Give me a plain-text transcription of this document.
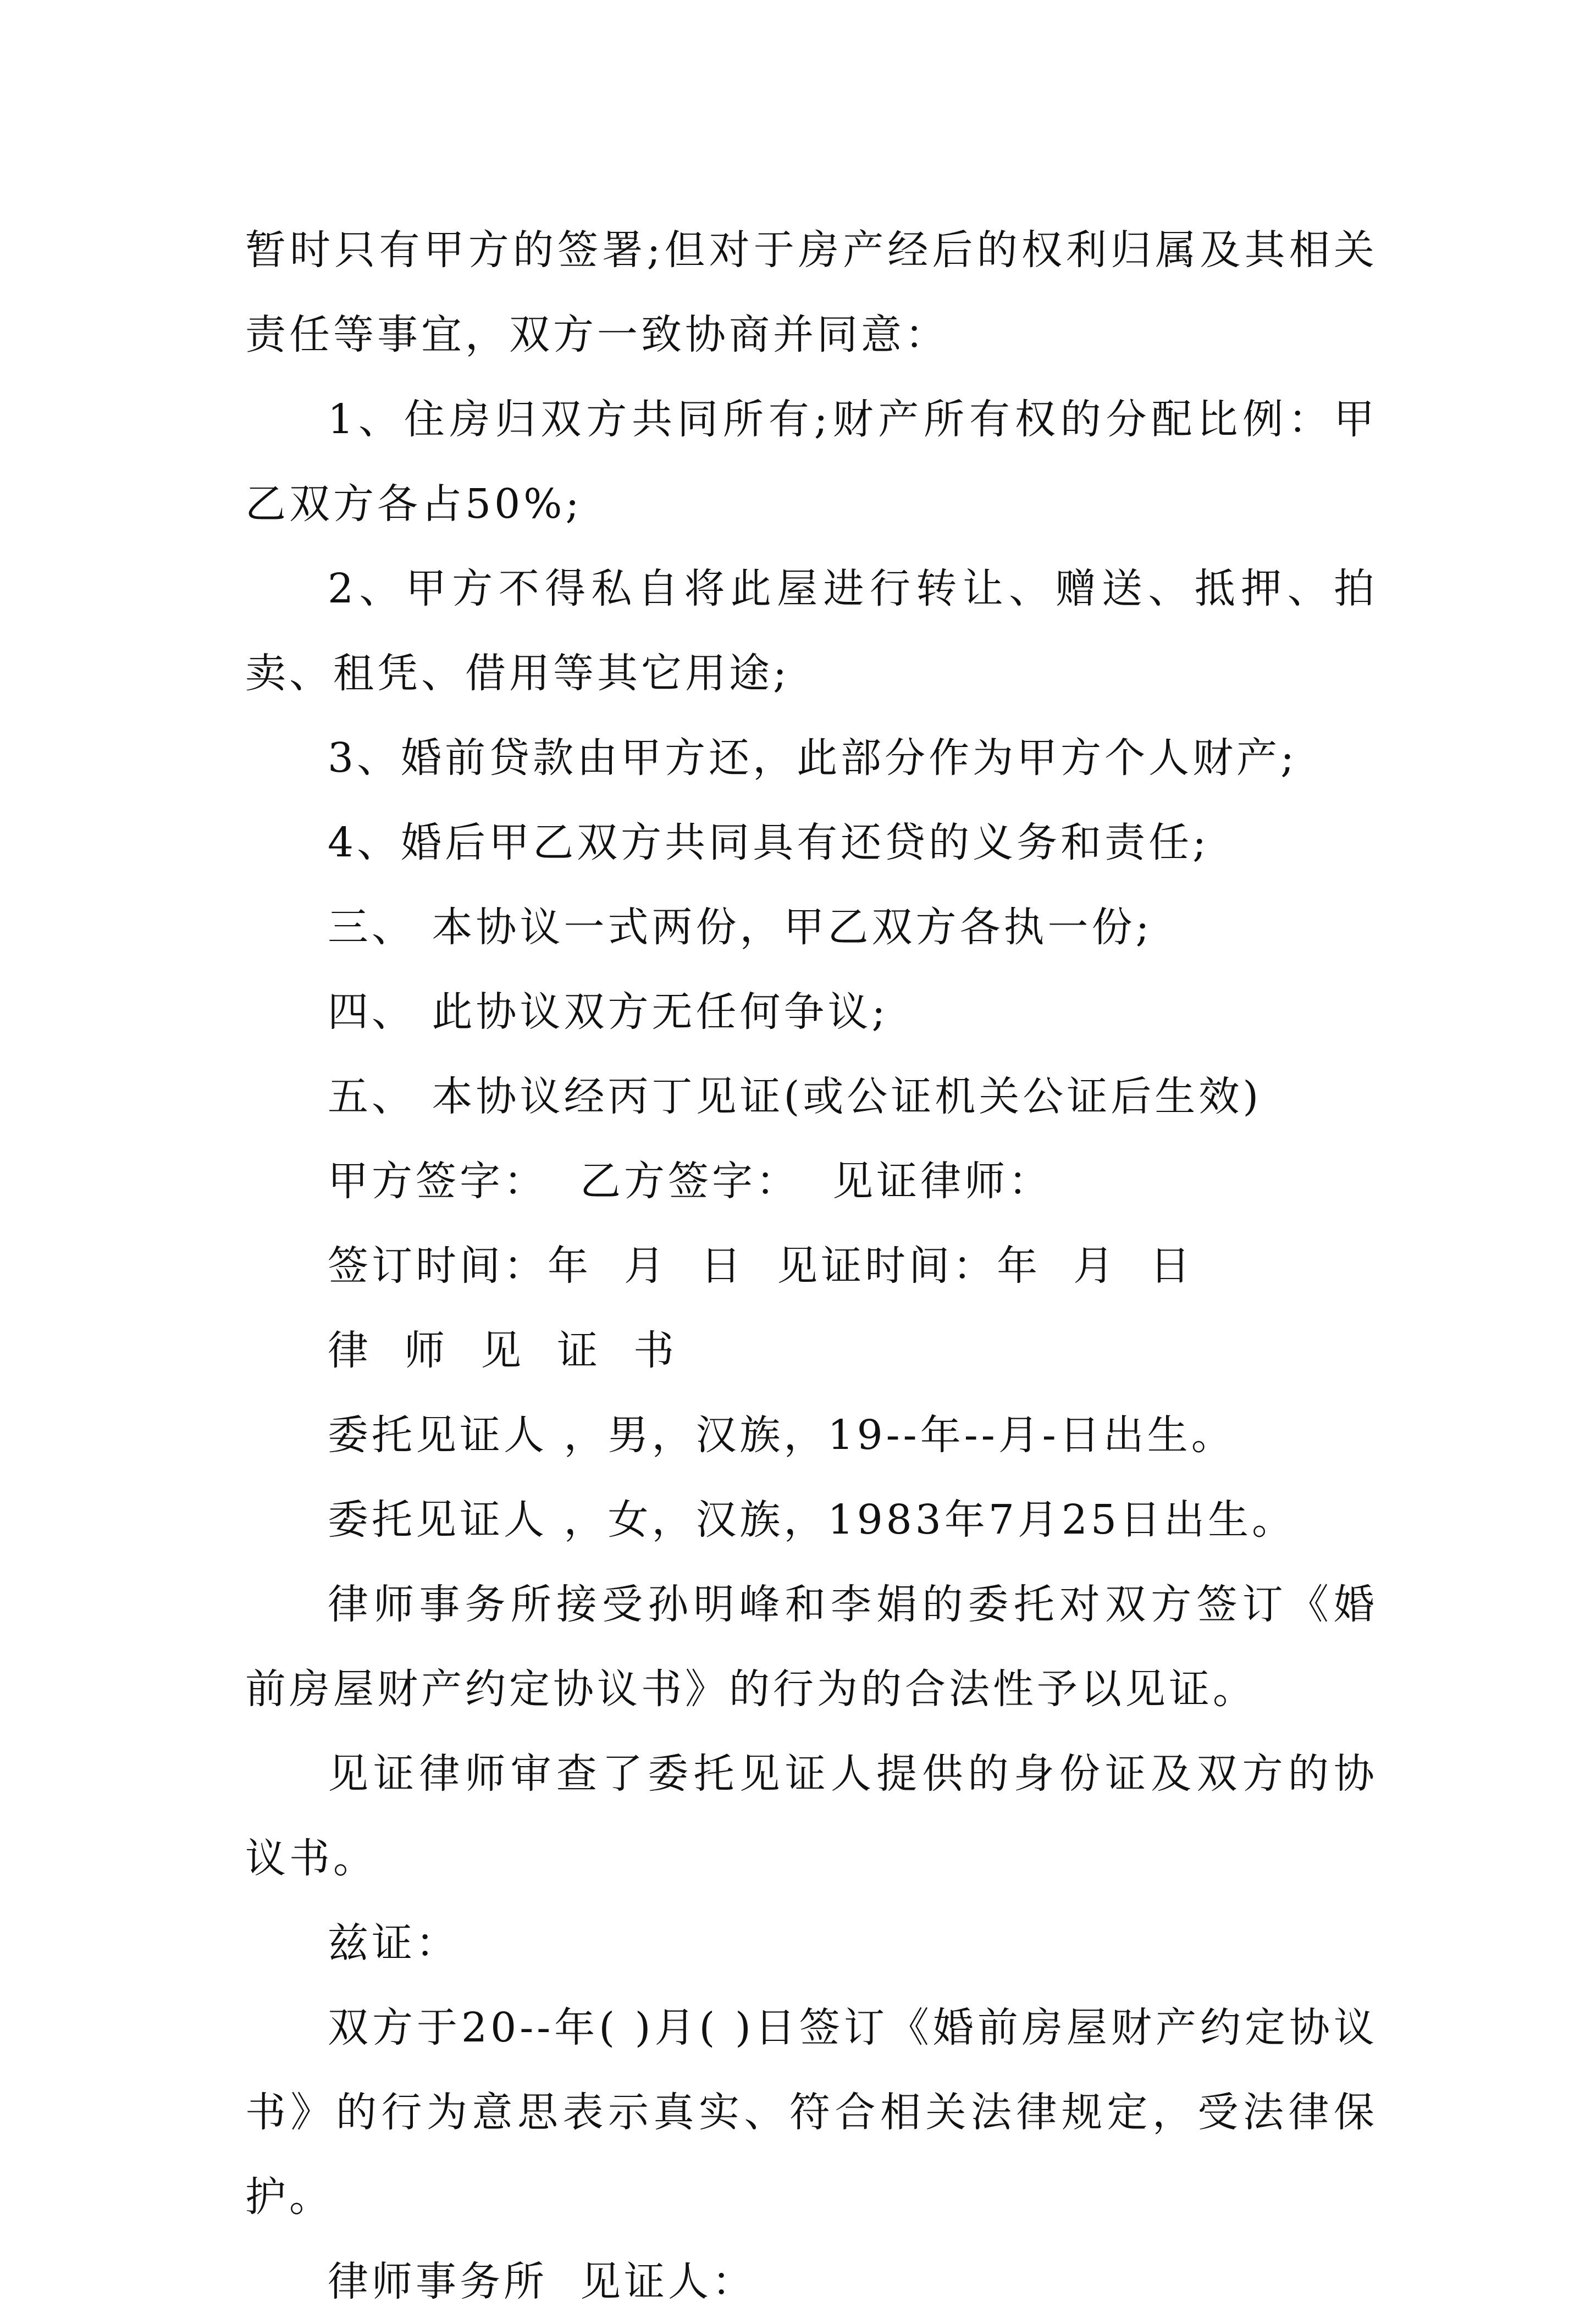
暂时只有甲方的签署;但对于房产经后的权利归属及其相关责任等事宜，双方一致协商并同意：

1、住房归双方共同所有;财产所有权的分配比例：甲乙双方各占50%;

2、甲方不得私自将此屋进行转让、赠送、抵押、拍卖、租凭、借用等其它用途;

3、婚前贷款由甲方还，此部分作为甲方个人财产;

4、婚后甲乙双方共同具有还贷的义务和责任;

三、 本协议一式两份，甲乙双方各执一份;

四、 此协议双方无任何争议;

五、 本协议经丙丁见证(或公证机关公证后生效)

甲方签字：  乙方签字：  见证律师：

签订时间：年  月  日  见证时间：年  月  日

律  师  见  证  书

委托见证人 ，男，汉族，19--年--月-日出生。

委托见证人 ，女，汉族，1983年7月25日出生。

律师事务所接受孙明峰和李娟的委托对双方签订《婚前房屋财产约定协议书》的行为的合法性予以见证。

见证律师审查了委托见证人提供的身份证及双方的协议书。

兹证：

双方于20--年( )月( )日签订《婚前房屋财产约定协议书》的行为意思表示真实、符合相关法律规定，受法律保护。

律师事务所  见证人：
